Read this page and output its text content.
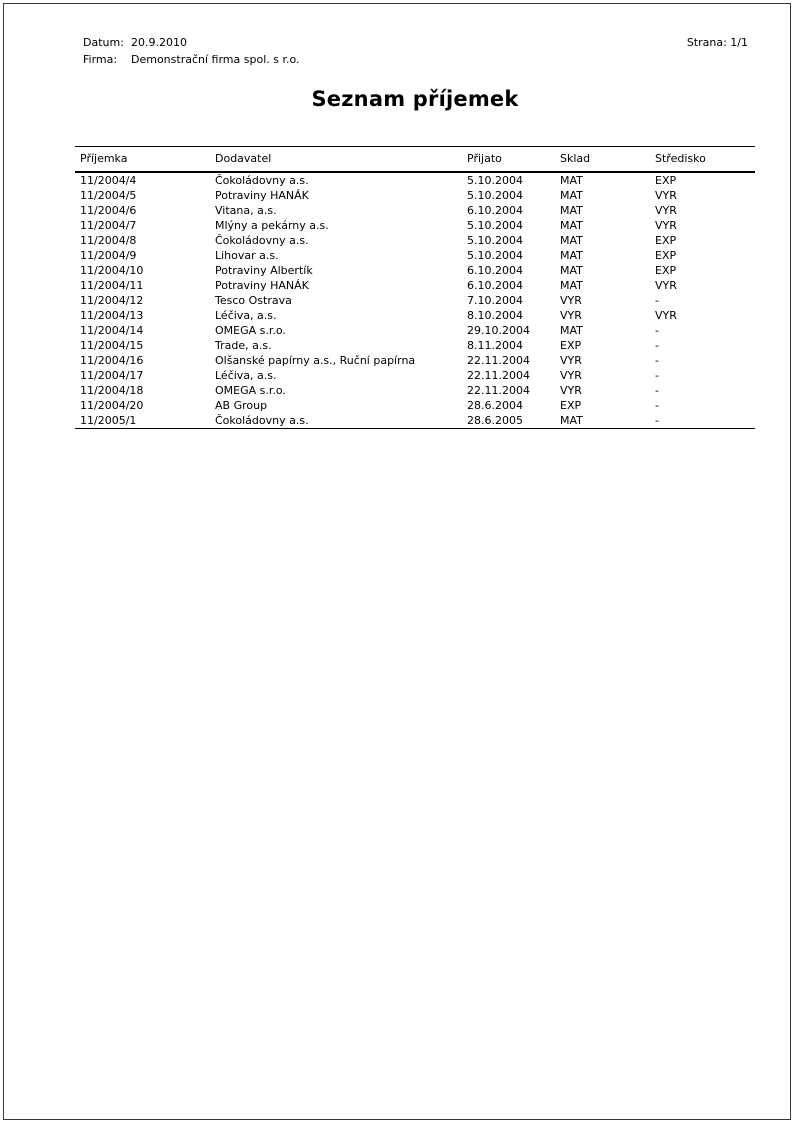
Datum: 20.9.2010
Firma: Demonstrační firma spol. s r.o.
Strana: 1/1
Seznam příjemek
Příjemka	Dodavatel	Přijato	Sklad	Středisko
11/2004/4	Čokoládovny a.s.	5.10.2004	MAT	EXP
11/2004/5	Potraviny HANÁK	5.10.2004	MAT	VYR
11/2004/6	Vitana, a.s.	6.10.2004	MAT	VYR
11/2004/7	Mlýny a pekárny a.s.	5.10.2004	MAT	VYR
11/2004/8	Čokoládovny a.s.	5.10.2004	MAT	EXP
11/2004/9	Lihovar a.s.	5.10.2004	MAT	EXP
11/2004/10	Potraviny Albertík	6.10.2004	MAT	EXP
11/2004/11	Potraviny HANÁK	6.10.2004	MAT	VYR
11/2004/12	Tesco Ostrava	7.10.2004	VYR	-
11/2004/13	Léčiva, a.s.	8.10.2004	VYR	VYR
11/2004/14	OMEGA s.r.o.	29.10.2004	MAT	-
11/2004/15	Trade, a.s.	8.11.2004	EXP	-
11/2004/16	Olšanské papírny a.s., Ruční papírna	22.11.2004	VYR	-
11/2004/17	Léčiva, a.s.	22.11.2004	VYR	-
11/2004/18	OMEGA s.r.o.	22.11.2004	VYR	-
11/2004/20	AB Group	28.6.2004	EXP	-
11/2005/1	Čokoládovny a.s.	28.6.2005	MAT	-
